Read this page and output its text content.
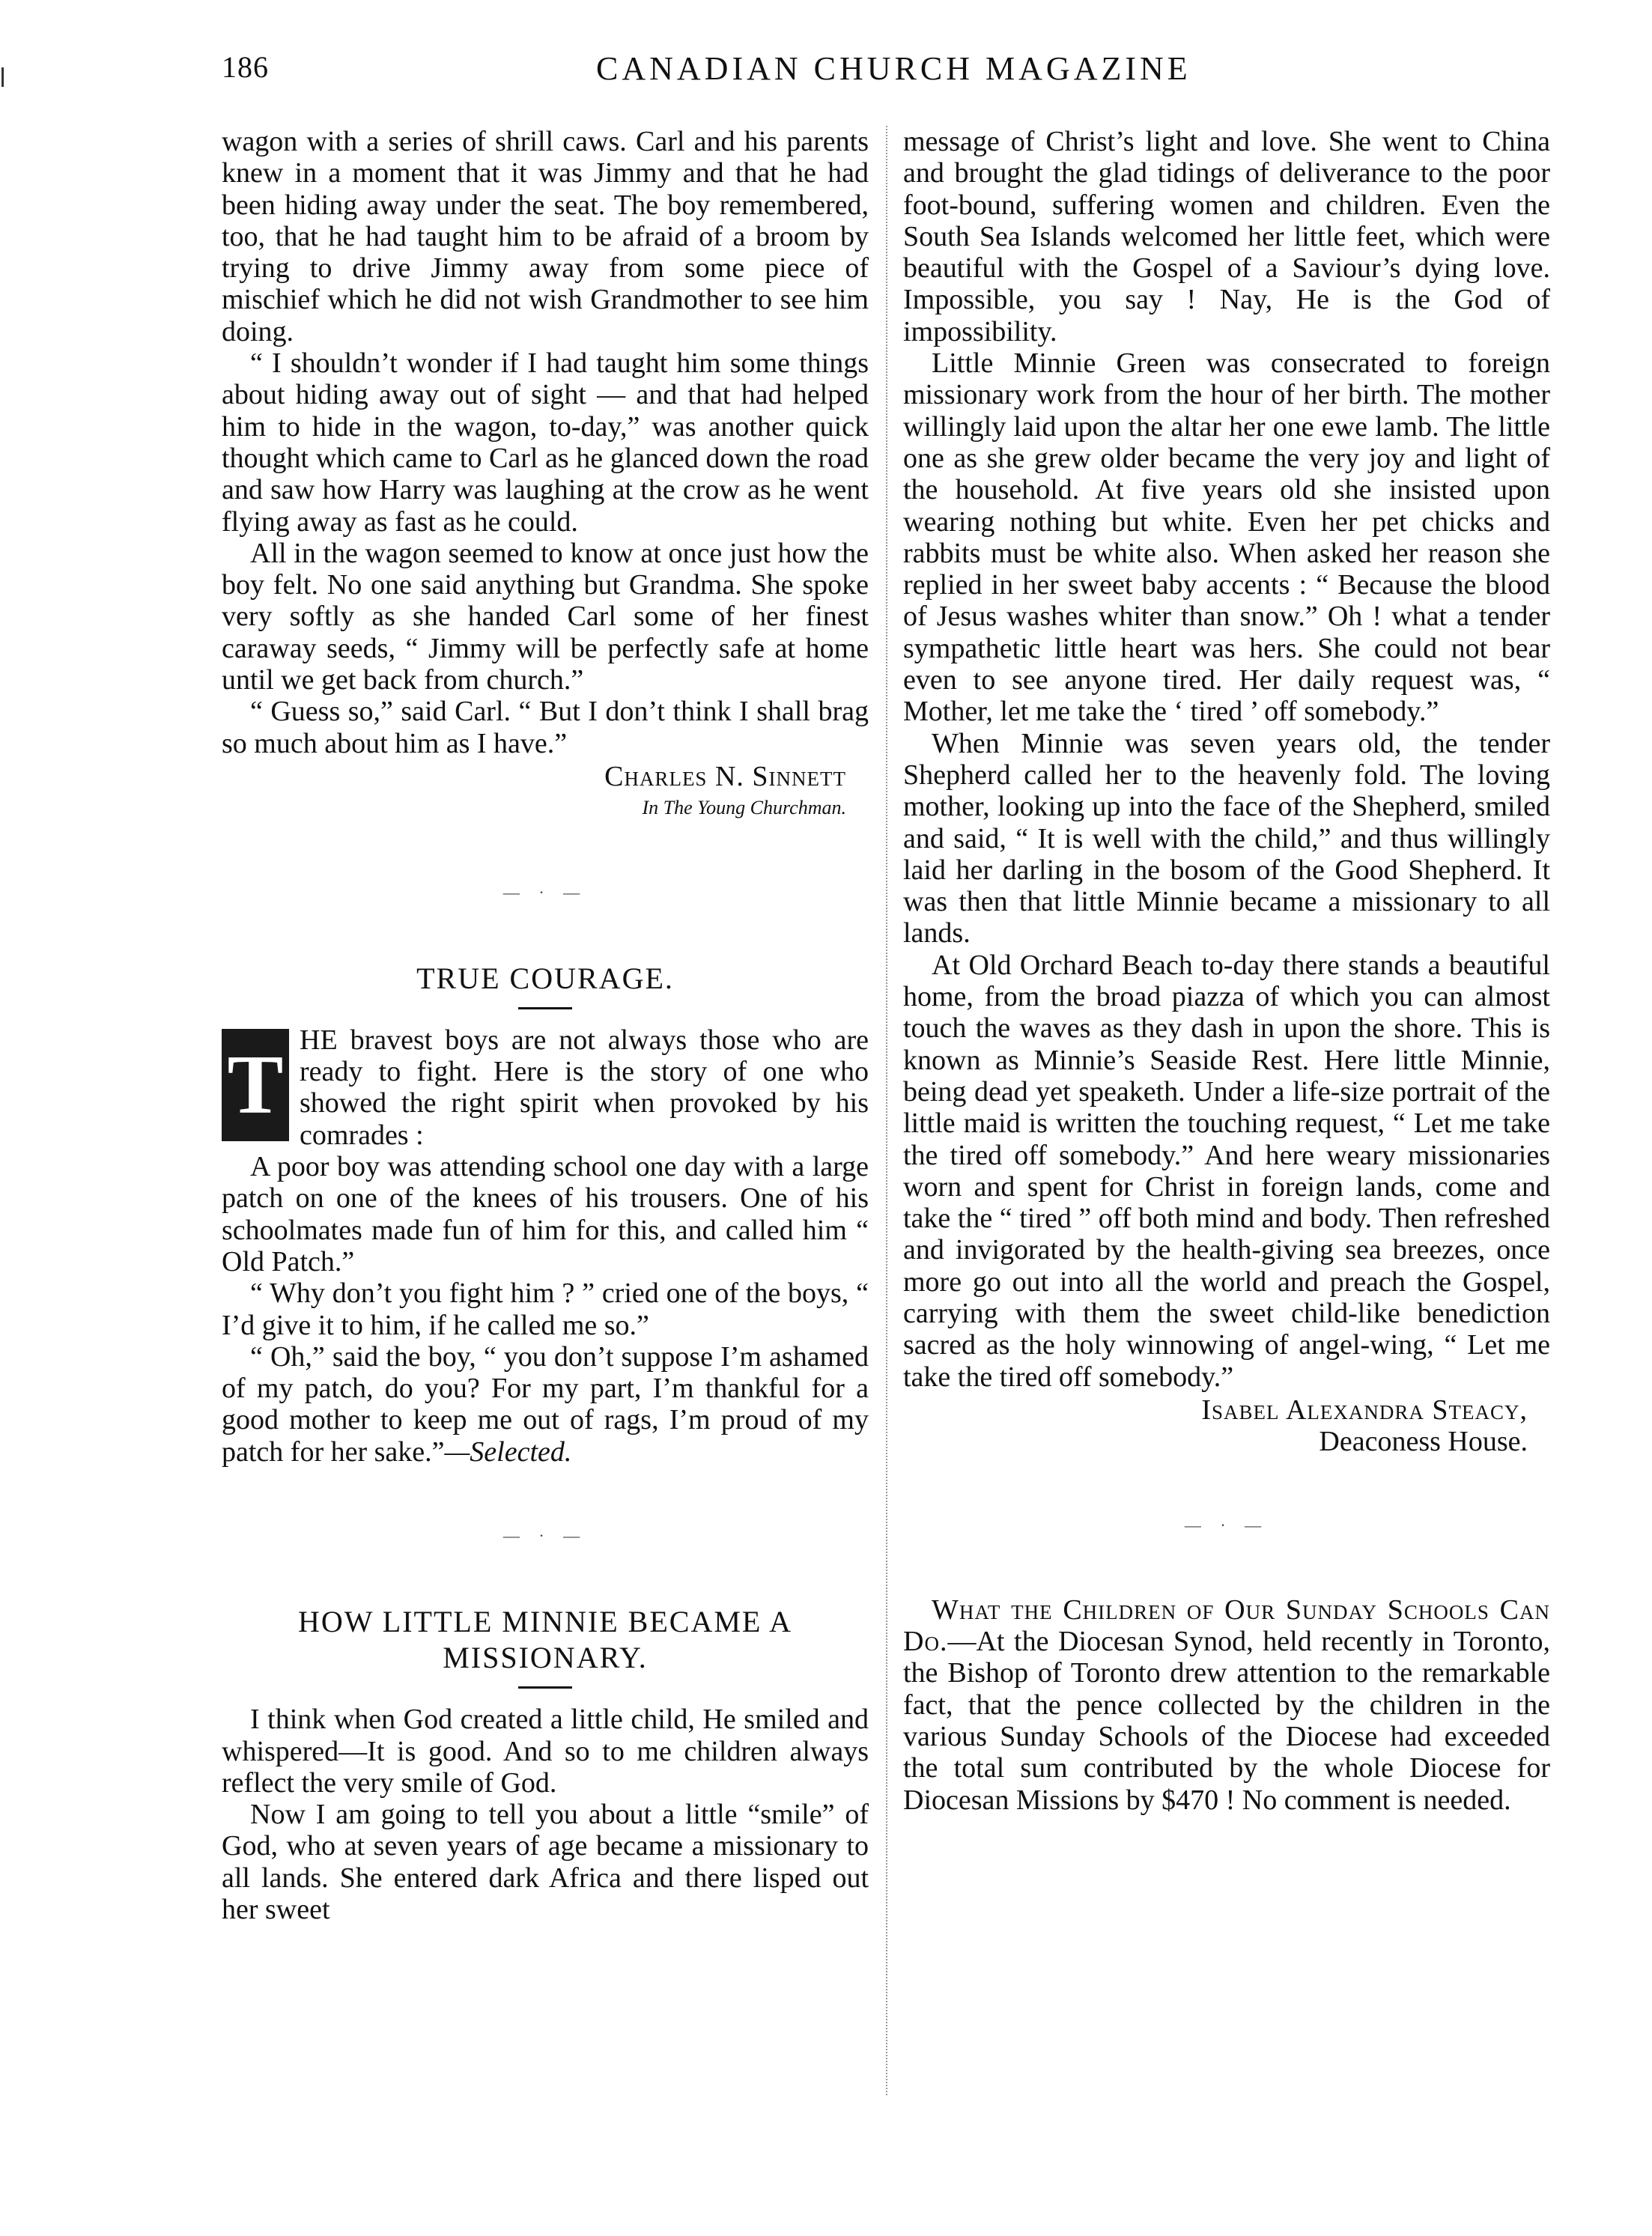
186	CANADIAN CHURCH MAGAZINE

wagon with a series of shrill caws. Carl and his parents knew in a moment that it was Jimmy and that he had been hiding away under the seat. The boy remembered, too, that he had taught him to be afraid of a broom by trying to drive Jimmy away from some piece of mischief which he did not wish Grandmother to see him doing.

“ I shouldn’t wonder if I had taught him some things about hiding away out of sight — and that had helped him to hide in the wagon, to-day,” was another quick thought which came to Carl as he glanced down the road and saw how Harry was laughing at the crow as he went flying away as fast as he could.

All in the wagon seemed to know at once just how the boy felt. No one said anything but Grandma. She spoke very softly as she handed Carl some of her finest caraway seeds, “ Jimmy will be perfectly safe at home until we get back from church.”

“ Guess so,” said Carl. “ But I don’t think I shall brag so much about him as I have.”

Charles N. Sinnett
In The Young Churchman.
— · —
TRUE COURAGE.

T HE bravest boys are not always those who are ready to fight. Here is the story of one who showed the right spirit when provoked by his comrades :

A poor boy was attending school one day with a large patch on one of the knees of his trousers. One of his schoolmates made fun of him for this, and called him “ Old Patch.”

“ Why don’t you fight him ? ” cried one of the boys, “ I’d give it to him, if he called me so.”

“ Oh,” said the boy, “ you don’t suppose I’m ashamed of my patch, do you? For my part, I’m thankful for a good mother to keep me out of rags, I’m proud of my patch for her sake.”—Selected.

— · —
HOW LITTLE MINNIE BECAME A MISSIONARY.

I think when God created a little child, He smiled and whispered—It is good. And so to me children always reflect the very smile of God.

Now I am going to tell you about a little “smile” of God, who at seven years of age became a missionary to all lands. She entered dark Africa and there lisped out her sweet

message of Christ’s light and love. She went to China and brought the glad tidings of deliverance to the poor foot-bound, suffering women and children. Even the South Sea Islands welcomed her little feet, which were beautiful with the Gospel of a Saviour’s dying love. Impossible, you say ! Nay, He is the God of impossibility.

Little Minnie Green was consecrated to foreign missionary work from the hour of her birth. The mother willingly laid upon the altar her one ewe lamb. The little one as she grew older became the very joy and light of the household. At five years old she insisted upon wearing nothing but white. Even her pet chicks and rabbits must be white also. When asked her reason she replied in her sweet baby accents : “ Because the blood of Jesus washes whiter than snow.” Oh ! what a tender sympathetic little heart was hers. She could not bear even to see anyone tired. Her daily request was, “ Mother, let me take the ‘ tired ’ off somebody.”

When Minnie was seven years old, the tender Shepherd called her to the heavenly fold. The loving mother, looking up into the face of the Shepherd, smiled and said, “ It is well with the child,” and thus willingly laid her darling in the bosom of the Good Shepherd. It was then that little Minnie became a missionary to all lands.

At Old Orchard Beach to-day there stands a beautiful home, from the broad piazza of which you can almost touch the waves as they dash in upon the shore. This is known as Minnie’s Seaside Rest. Here little Minnie, being dead yet speaketh. Under a life-size portrait of the little maid is written the touching request, “ Let me take the tired off somebody.” And here weary missionaries worn and spent for Christ in foreign lands, come and take the “ tired ” off both mind and body. Then refreshed and invigorated by the health-giving sea breezes, once more go out into all the world and preach the Gospel, carrying with them the sweet child-like benediction sacred as the holy winnowing of angel-wing, “ Let me take the tired off somebody.”

Isabel Alexandra Steacy,
Deaconess House.
— · —

What the Children of Our Sunday Schools Can Do.—At the Diocesan Synod, held recently in Toronto, the Bishop of Toronto drew attention to the remarkable fact, that the pence collected by the children in the various Sunday Schools of the Diocese had exceeded the total sum contributed by the whole Diocese for Diocesan Missions by $470 ! No comment is needed.
